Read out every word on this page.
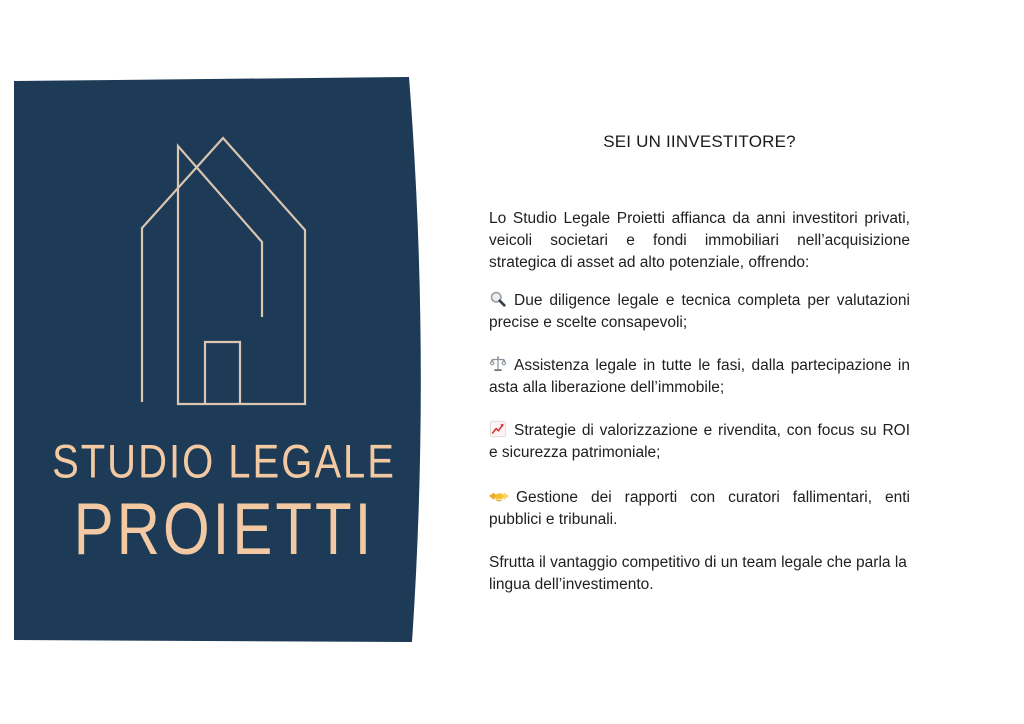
STUDIO LEGALE
PROIETTI
SEI UN IINVESTITORE?
Lo Studio Legale Proietti affianca da anni investitori privati, veicoli societari e fondi immobiliari nell’acquisizione strategica di asset ad alto potenziale, offrendo:
Due diligence legale e tecnica completa per valutazioni precise e scelte consapevoli;
Assistenza legale in tutte le fasi, dalla partecipazione in asta alla liberazione dell’immobile;
Strategie di valorizzazione e rivendita, con focus su ROI e sicurezza patrimoniale;
Gestione dei rapporti con curatori fallimentari, enti pubblici e tribunali.
Sfrutta il vantaggio competitivo di un team legale che parla la lingua dell’investimento.
